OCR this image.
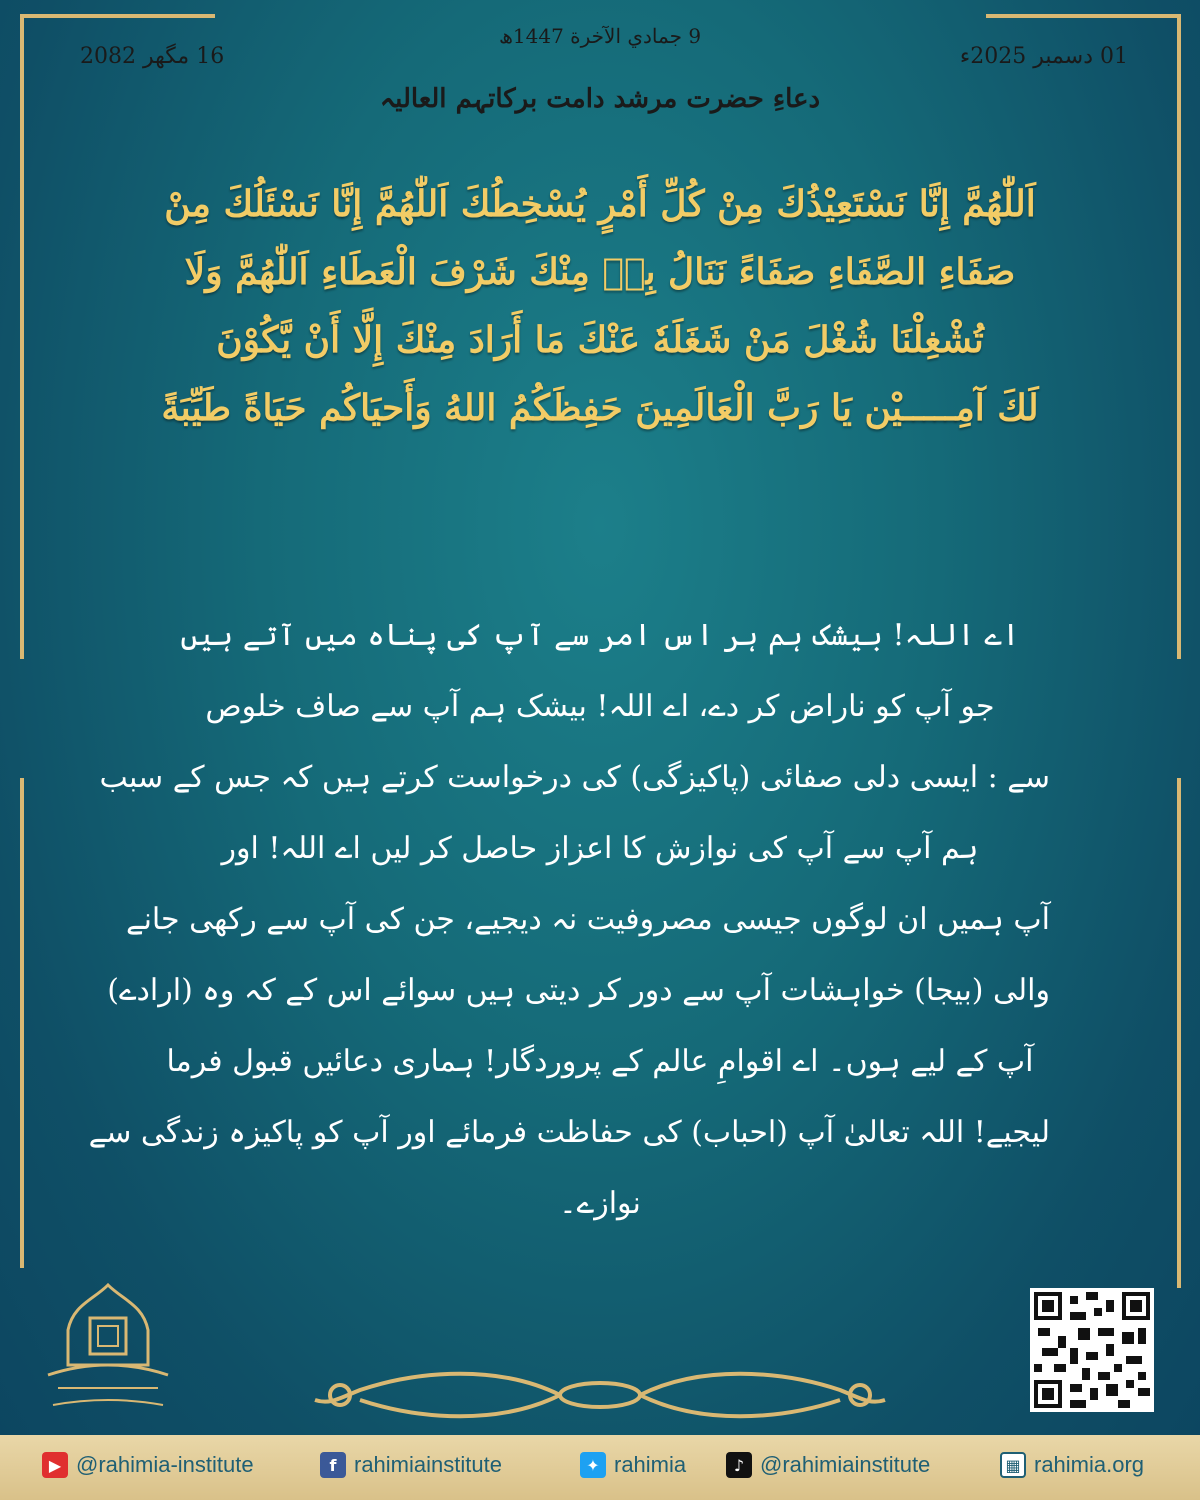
01 دسمبر 2025ء
16 مگھر 2082
9 جمادي الآخرة 1447ھ
دعاءِ حضرت مرشد دامت برکاتہم العالیہ
اَللّٰهُمَّ إِنَّا نَسْتَعِيْذُكَ مِنْ كُلِّ أَمْرٍ يُسْخِطُكَ اَللّٰهُمَّ إِنَّا نَسْئَلُكَ مِنْ
صَفَاءِ الصَّفَاءِ صَفَاءً نَنَالُ بِهٖ مِنْكَ شَرْفَ الْعَطَاءِ اَللّٰهُمَّ وَلَا
تُشْغِلْنَا شُغْلَ مَنْ شَغَلَهٗ عَنْكَ مَا أَرَادَ مِنْكَ إِلَّا أَنْ يَّكُوْنَ
لَكَ آمِـــــيْن يَا رَبَّ الْعَالَمِينَ حَفِظَكُمُ اللهُ وَأَحيَاكُم حَيَاةً طَيِّبَةً
اے اللہ! بیشک ہم ہر اس امر سے آپ کی پناہ میں آتے ہیں
جو آپ کو ناراض کر دے، اے اللہ! بیشک ہم آپ سے صاف خلوص
سے : ایسی دلی صفائی (پاکیزگی) کی درخواست کرتے ہیں کہ جس کے سبب
ہم آپ سے آپ کی نوازش کا اعزاز حاصل کر لیں اے اللہ! اور
آپ ہمیں ان لوگوں جیسی مصروفیت نہ دیجیے، جن کی آپ سے رکھی جانے
والی (بیجا) خواہشات آپ سے دور کر دیتی ہیں سوائے اس کے کہ وہ (ارادے)
آپ کے لیے ہوں۔ اے اقوامِ عالم کے پروردگار! ہماری دعائیں قبول فرما
لیجیے! اللہ تعالیٰ آپ (احباب) کی حفاظت فرمائے اور آپ کو پاکیزہ زندگی سے
نوازے۔
▶ @rahimia-institute	f rahimiainstitute	✦ rahimia	♪ @rahimiainstitute	▦ rahimia.org
